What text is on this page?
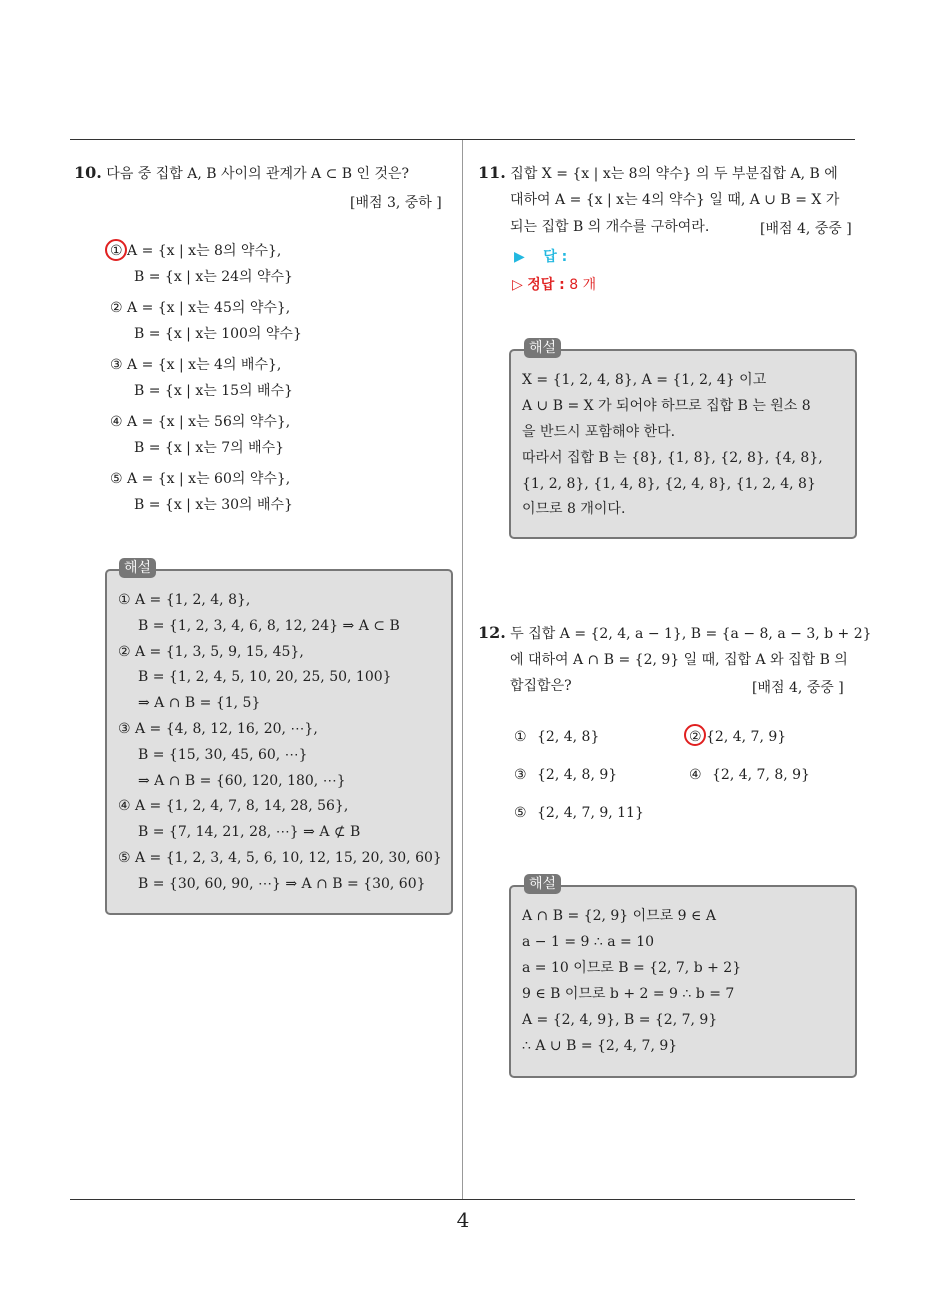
10. 다음 중 집합 A, B 사이의 관계가 A ⊂ B 인 것은?
[배점 3, 중하 ]
① A = {x | x는 8의 약수},
B = {x | x는 24의 약수}
② A = {x | x는 45의 약수},
B = {x | x는 100의 약수}
③ A = {x | x는 4의 배수},
B = {x | x는 15의 배수}
④ A = {x | x는 56의 약수},
B = {x | x는 7의 배수}
⑤ A = {x | x는 60의 약수},
B = {x | x는 30의 배수}
해설
① A = {1, 2, 4, 8},
B = {1, 2, 3, 4, 6, 8, 12, 24} ⇒ A ⊂ B
② A = {1, 3, 5, 9, 15, 45},
B = {1, 2, 4, 5, 10, 20, 25, 50, 100}
⇒ A ∩ B = {1, 5}
③ A = {4, 8, 12, 16, 20, ⋯},
B = {15, 30, 45, 60, ⋯}
⇒ A ∩ B = {60, 120, 180, ⋯}
④ A = {1, 2, 4, 7, 8, 14, 28, 56},
B = {7, 14, 21, 28, ⋯} ⇒ A ⊄ B
⑤ A = {1, 2, 3, 4, 5, 6, 10, 12, 15, 20, 30, 60}
B = {30, 60, 90, ⋯} ⇒ A ∩ B = {30, 60}
11. 집합 X = {x | x는 8의 약수} 의 두 부분집합 A, B 에
대하여 A = {x | x는 4의 약수} 일 때, A ∪ B = X 가
되는 집합 B 의 개수를 구하여라.	[배점 4, 중중 ]
▶ 답 :
▷ 정답 : 8 개
해설
X = {1, 2, 4, 8}, A = {1, 2, 4} 이고
A ∪ B = X 가 되어야 하므로 집합 B 는 원소 8
을 반드시 포함해야 한다.
따라서 집합 B 는 {8}, {1, 8}, {2, 8}, {4, 8},
{1, 2, 8}, {1, 4, 8}, {2, 4, 8}, {1, 2, 4, 8}
이므로 8 개이다.
12. 두 집합 A = {2, 4, a − 1}, B = {a − 8, a − 3, b + 2}
에 대하여 A ∩ B = {2, 9} 일 때, 집합 A 와 집합 B 의
합집합은?	[배점 4, 중중 ]
① {2, 4, 8}	② {2, 4, 7, 9}
③ {2, 4, 8, 9}	④ {2, 4, 7, 8, 9}
⑤ {2, 4, 7, 9, 11}
해설
A ∩ B = {2, 9} 이므로 9 ∈ A
a − 1 = 9 ∴ a = 10
a = 10 이므로 B = {2, 7, b + 2}
9 ∈ B 이므로 b + 2 = 9 ∴ b = 7
A = {2, 4, 9}, B = {2, 7, 9}
∴ A ∪ B = {2, 4, 7, 9}
4
